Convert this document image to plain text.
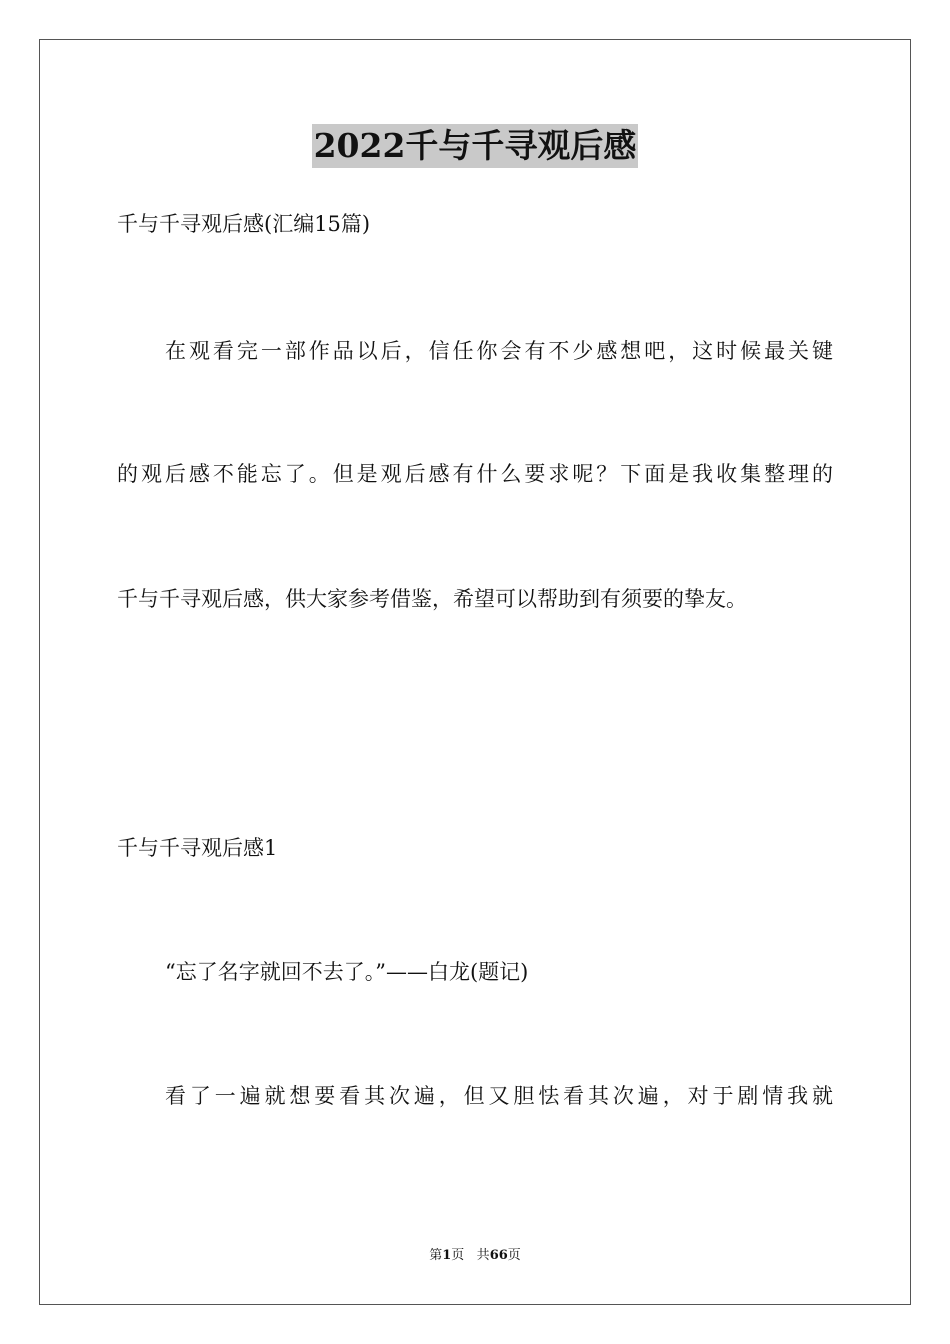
2022千与千寻观后感
千与千寻观后感(汇编15篇)
在观看完一部作品以后，信任你会有不少感想吧，这时候最关键
的观后感不能忘了。但是观后感有什么要求呢？下面是我收集整理的
千与千寻观后感，供大家参考借鉴，希望可以帮助到有须要的挚友。
千与千寻观后感1
“忘了名字就回不去了。”——白龙(题记)
看了一遍就想要看其次遍，但又胆怯看其次遍，对于剧情我就
第1页 共66页
